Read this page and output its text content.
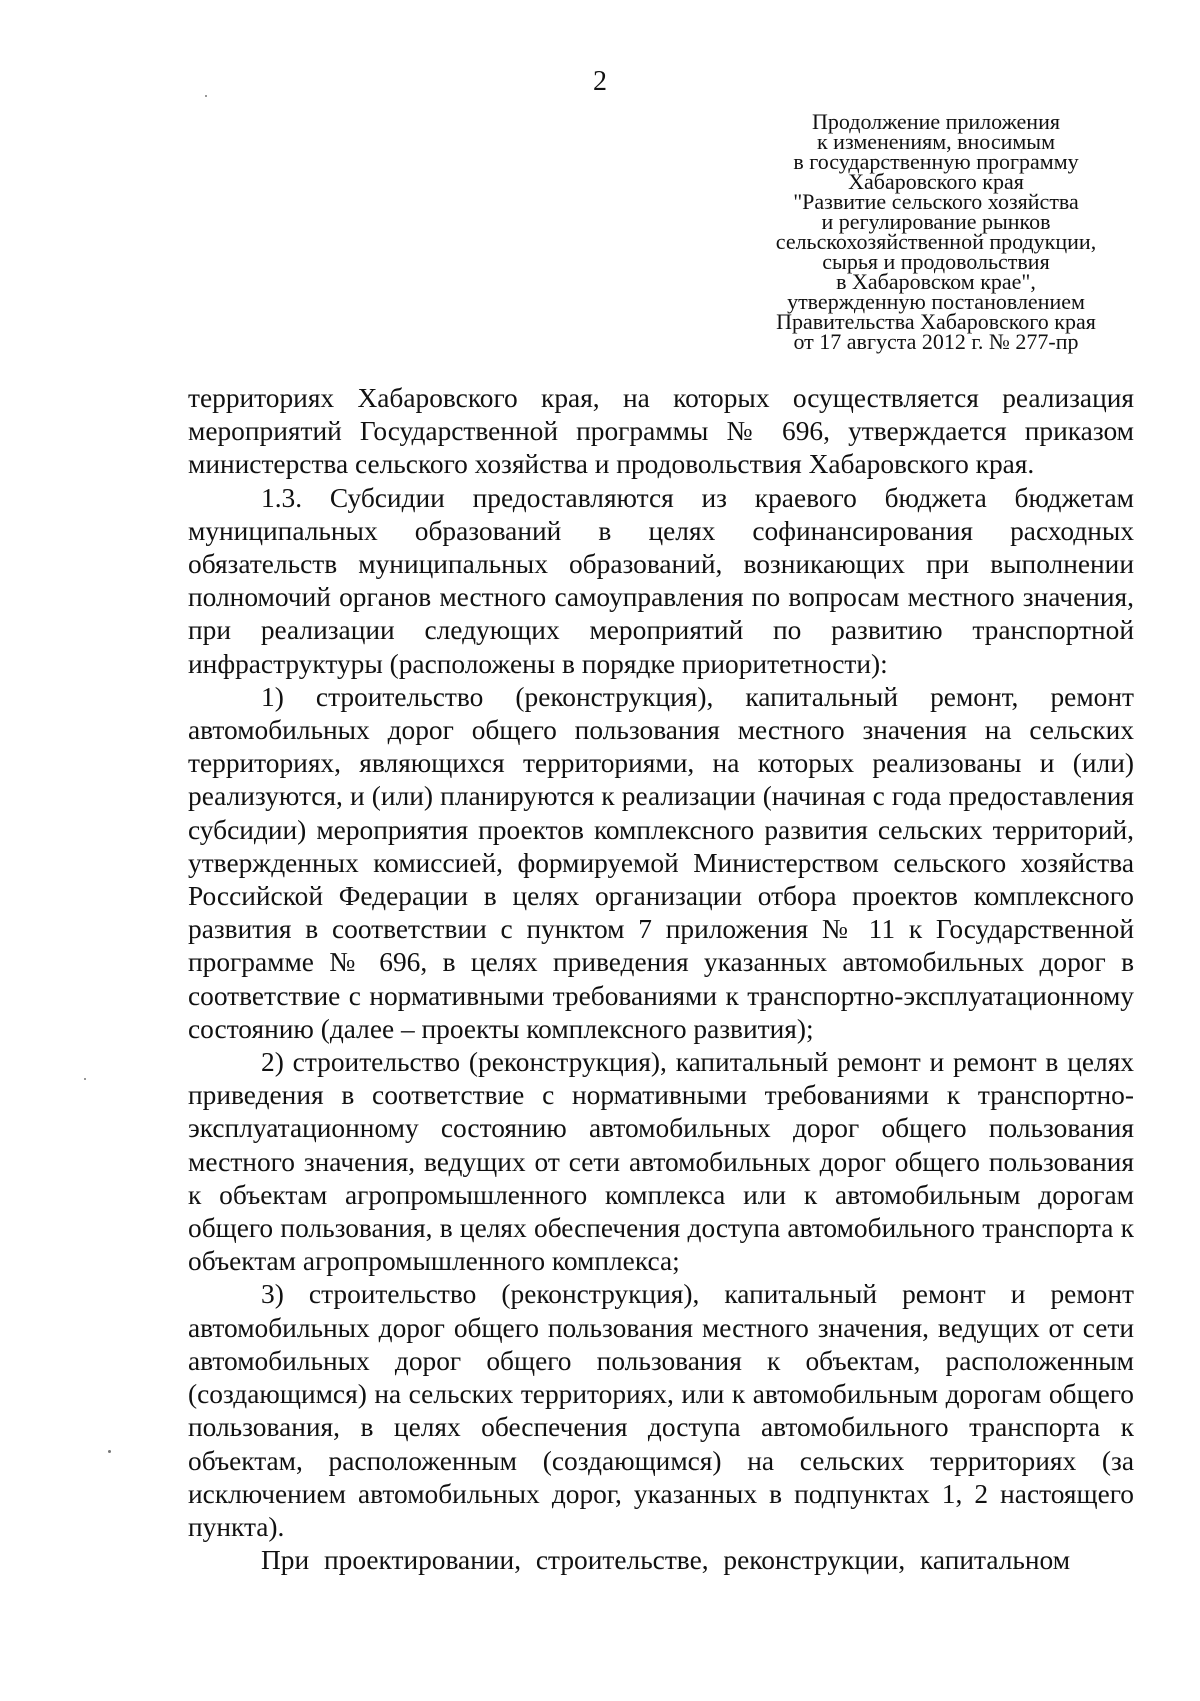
2
Продолжение приложения
к изменениям, вносимым
в государственную программу
Хабаровского края
"Развитие сельского хозяйства
и регулирование рынков
сельскохозяйственной продукции,
сырья и продовольствия
в Хабаровском крае",
утвержденную постановлением
Правительства Хабаровского края
от 17 августа 2012 г. № 277-пр

территориях Хабаровского края, на которых осуществляется реализация мероприятий Государственной программы № 696, утверждается приказом министерства сельского хозяйства и продовольствия Хабаровского края.

1.3. Субсидии предоставляются из краевого бюджета бюджетам муниципальных образований в целях софинансирования расходных обязательств муниципальных образований, возникающих при выполнении полномочий органов местного самоуправления по вопросам местного значения, при реализации следующих мероприятий по развитию транспортной инфраструктуры (расположены в порядке приоритетности):

1) строительство (реконструкция), капитальный ремонт, ремонт автомобильных дорог общего пользования местного значения на сельских территориях, являющихся территориями, на которых реализованы и (или) реализуются, и (или) планируются к реализации (начиная с года предоставления субсидии) мероприятия проектов комплексного развития сельских территорий, утвержденных комиссией, формируемой Министерством сельского хозяйства Российской Федерации в целях организации отбора проектов комплексного развития в соответствии с пунктом 7 приложения № 11 к Государственной программе № 696, в целях приведения указанных автомобильных дорог в соответствие с нормативными требованиями к транспортно-эксплуатационному состоянию (далее – проекты комплексного развития);

2) строительство (реконструкция), капитальный ремонт и ремонт в целях приведения в соответствие с нормативными требованиями к транспортно-эксплуатационному состоянию автомобильных дорог общего пользования местного значения, ведущих от сети автомобильных дорог общего пользования к объектам агропромышленного комплекса или к автомобильным дорогам общего пользования, в целях обеспечения доступа автомобильного транспорта к объектам агропромышленного комплекса;

3) строительство (реконструкция), капитальный ремонт и ремонт автомобильных дорог общего пользования местного значения, ведущих от сети автомобильных дорог общего пользования к объектам, расположенным (создающимся) на сельских территориях, или к автомобильным дорогам общего пользования, в целях обеспечения доступа автомобильного транспорта к объектам, расположенным (создающимся) на сельских территориях (за исключением автомобильных дорог, указанных в подпунктах 1, 2 настоящего пункта).

При проектировании, строительстве, реконструкции, капитальном
